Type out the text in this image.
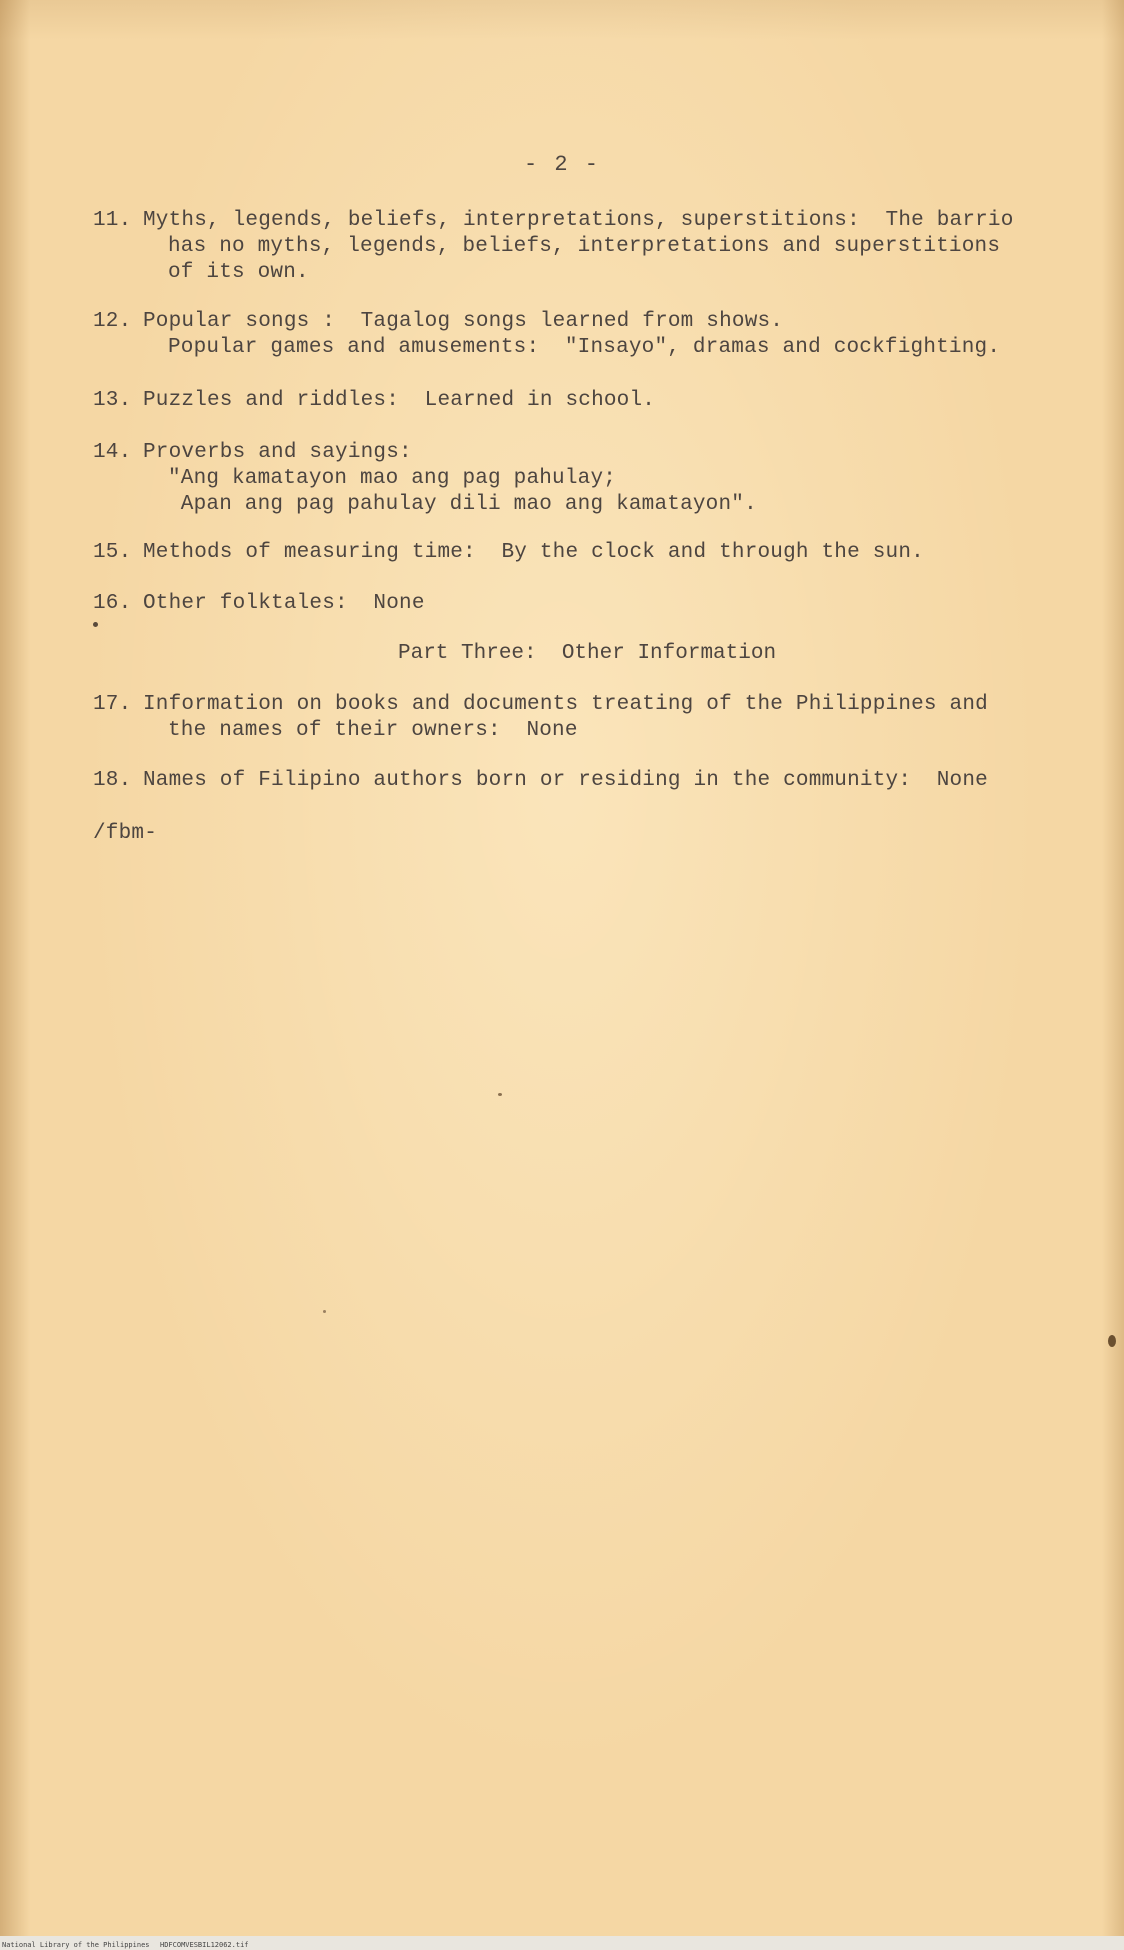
- 2 -
11. Myths, legends, beliefs, interpretations, superstitions:  The barrio
has no myths, legends, beliefs, interpretations and superstitions
of its own.
12. Popular songs :  Tagalog songs learned from shows.
Popular games and amusements:  "Insayo", dramas and cockfighting.
13. Puzzles and riddles:  Learned in school.
14. Proverbs and sayings:
"Ang kamatayon mao ang pag pahulay;
Apan ang pag pahulay dili mao ang kamatayon".
15. Methods of measuring time:  By the clock and through the sun.
16. Other folktales:  None
Part Three:  Other Information
17. Information on books and documents treating of the Philippines and
the names of their owners:  None
18. Names of Filipino authors born or residing in the community:  None
/fbm-
National Library of the Philippines HDFCOMVESBIL12062.tif
